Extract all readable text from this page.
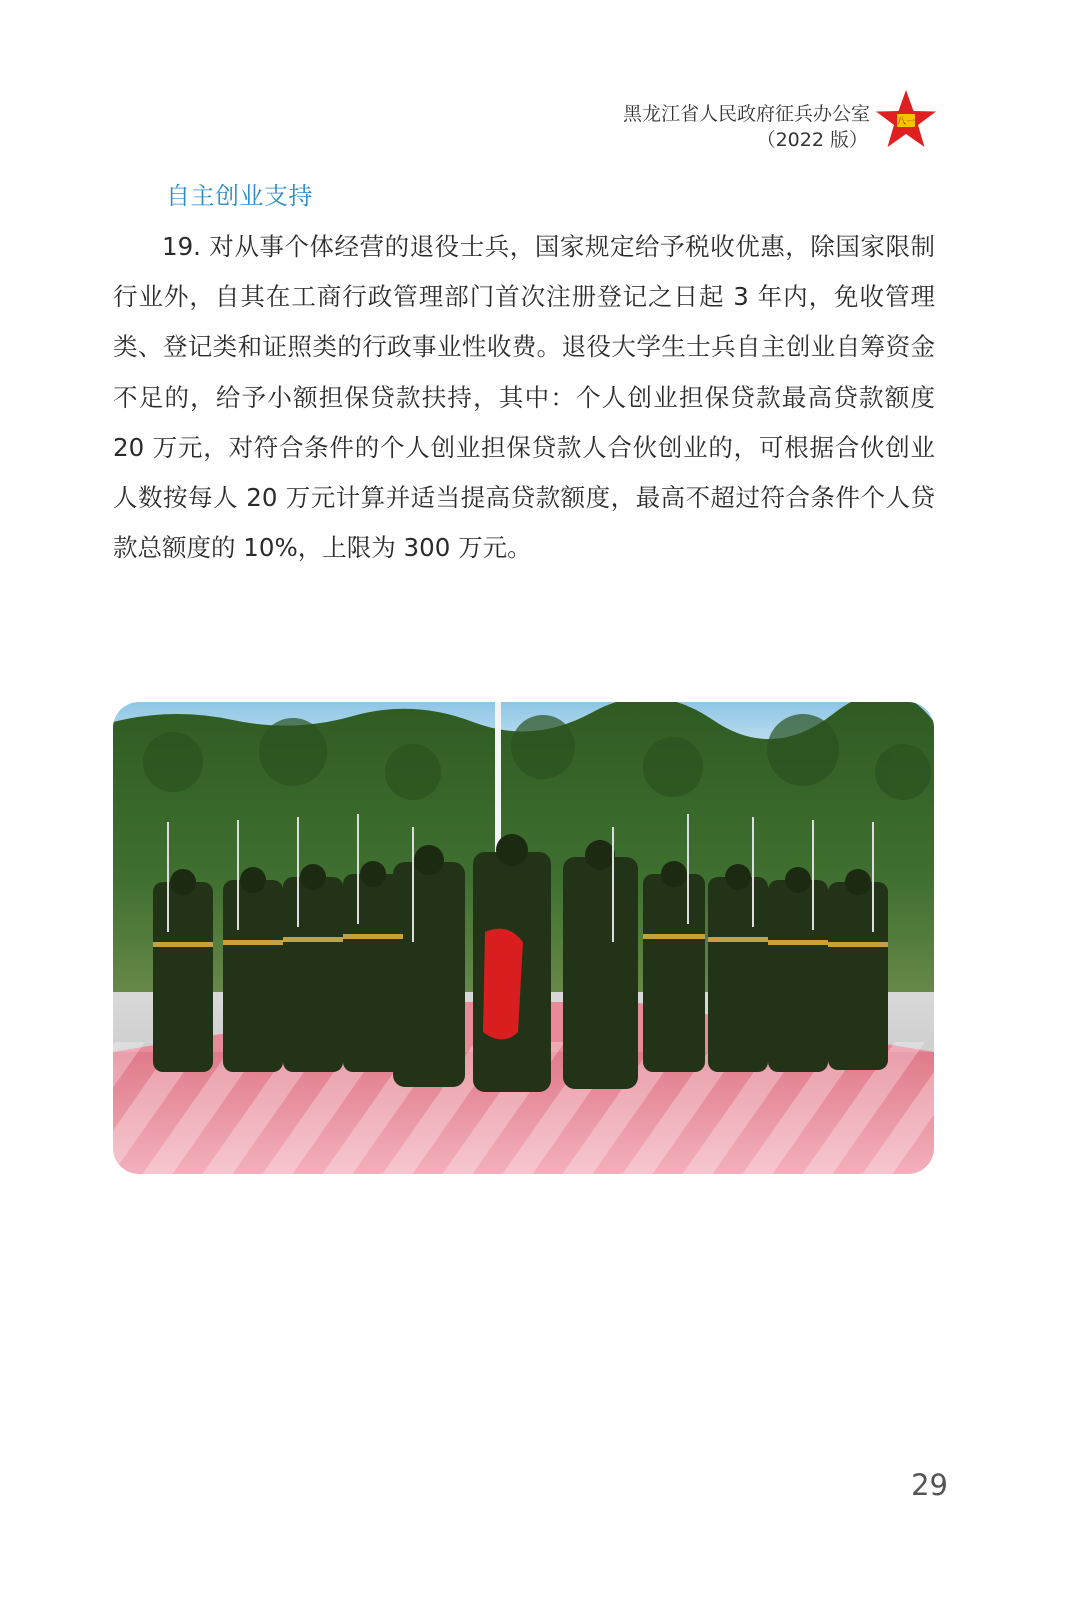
黑龙江省人民政府征兵办公室
（2022 版）
八一
自主创业支持

19. 对从事个体经营的退役士兵，国家规定给予税收优惠，除国家限制行业外，自其在工商行政管理部门首次注册登记之日起 3 年内，免收管理类、登记类和证照类的行政事业性收费。退役大学生士兵自主创业自筹资金不足的，给予小额担保贷款扶持，其中：个人创业担保贷款最高贷款额度 20 万元，对符合条件的个人创业担保贷款人合伙创业的，可根据合伙创业人数按每人 20 万元计算并适当提高贷款额度，最高不超过符合条件个人贷款总额度的 10%，上限为 300 万元。

29
